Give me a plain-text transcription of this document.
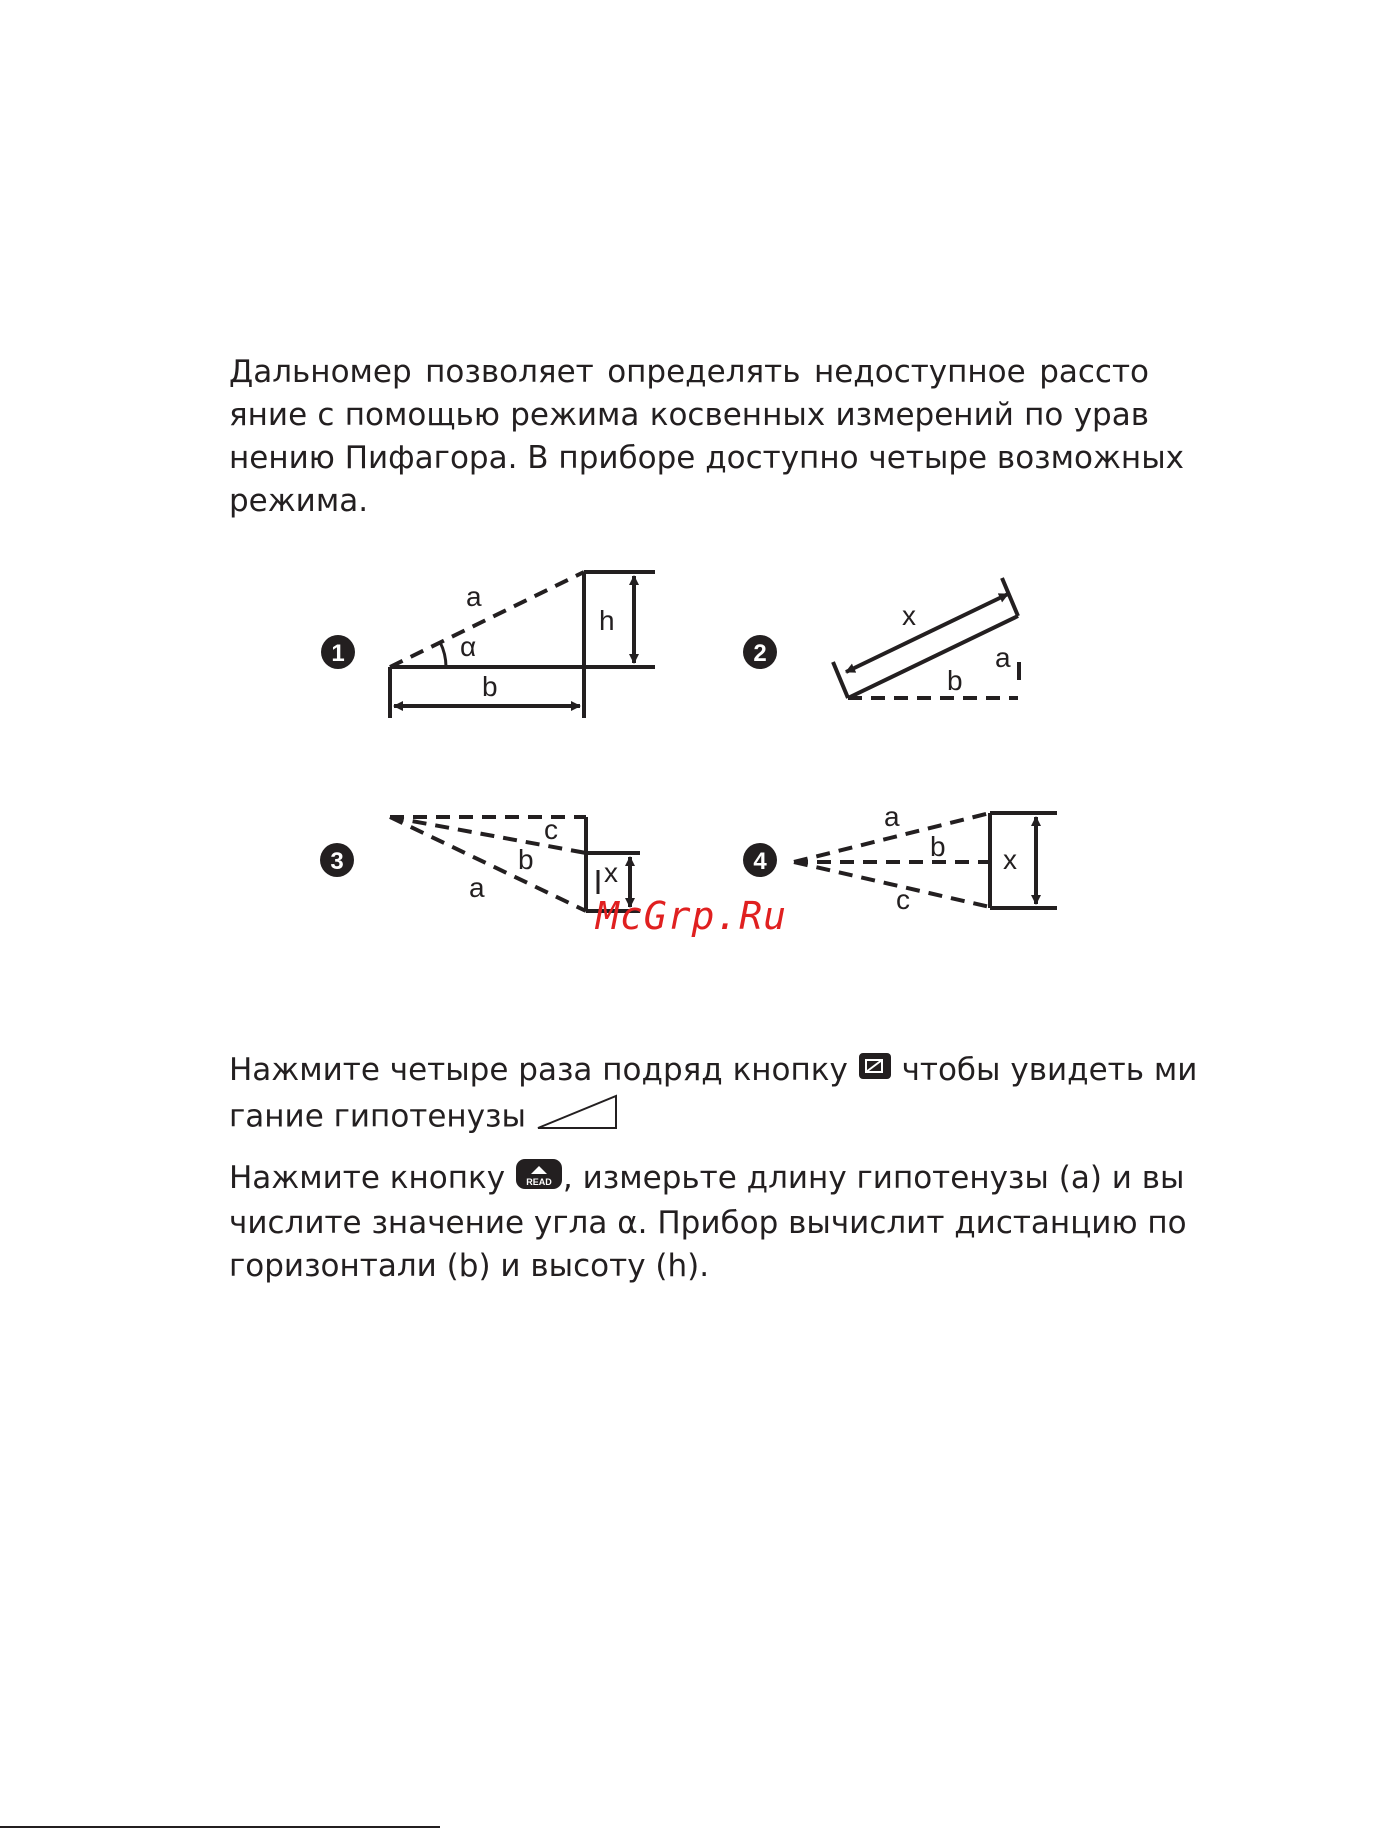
Дальномер позволяет определять недоступное рассто
яние с помощью режима косвенных измерений по урав
нению Пифагора. В приборе доступно четыре возможных
режима.
1
a
α
h
b
2
x
a
b
3
c
b
a	x	4
a
b
c
x
McGrp.Ru
Нажмите четыре раза подряд кнопку чтобы увидеть ми
гание гипотенузы
Нажмите кнопку READ , измерьте длину гипотенузы (a) и вы
числите значение угла α. Прибор вычислит дистанцию по
горизонтали (b) и высоту (h).
